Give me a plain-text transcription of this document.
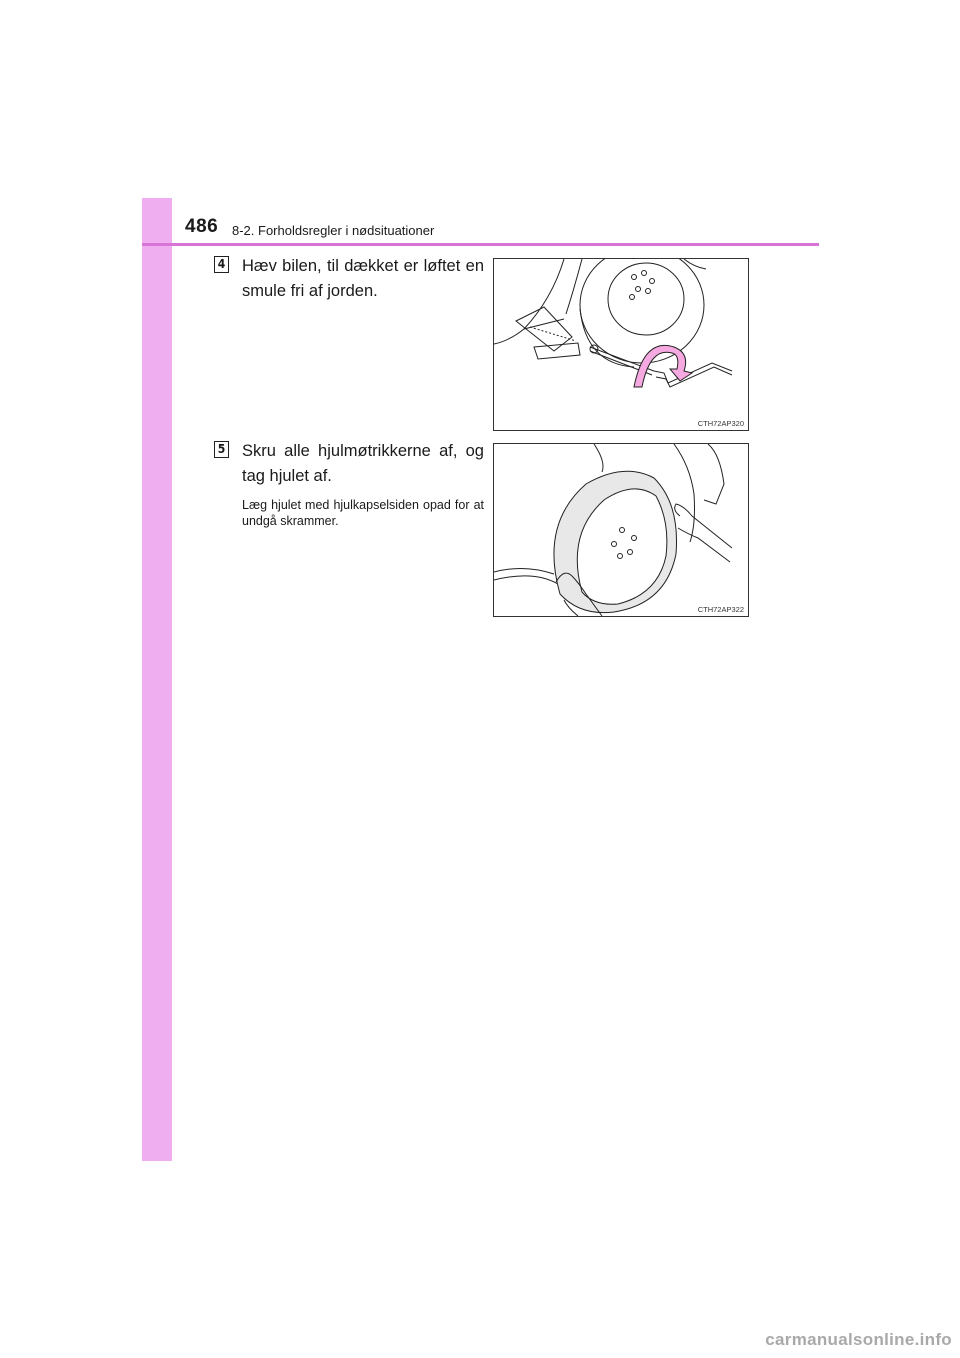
486 8-2. Forholdsregler i nødsituationer
4 Hæv bilen, til dækket er løftet en smule fri af jorden.
CTH72AP320
5 Skru alle hjulmøtrikkerne af, og tag hjulet af.
Læg hjulet med hjulkapselsiden opad for at undgå skrammer.
CTH72AP322
carmanualsonline.info
